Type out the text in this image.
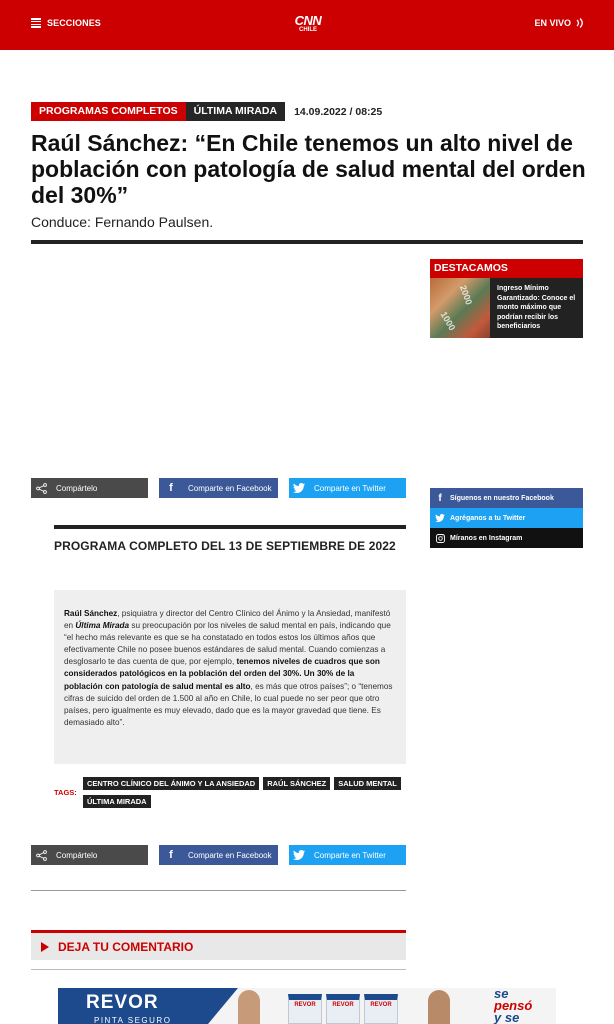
SECCIONES	CNN
CHILE
EN VIVO
PROGRAMAS COMPLETOS	ÚLTIMA MIRADA	14.09.2022 / 08:25
Raúl Sánchez: “En Chile tenemos un alto nivel de población con patología de salud mental del orden del 30%”
Conduce: Fernando Paulsen.
DESTACAMOS
2000
1000
Ingreso Mínimo Garantizado: Conoce el monto máximo que podrían recibir los beneficiarios
Compártelo	f	Comparte en Facebook	Comparte en Twitter
f	Síguenos en nuestro Facebook
Agréganos a tu Twitter
Míranos en Instagram
PROGRAMA COMPLETO DEL 13 DE SEPTIEMBRE DE 2022
Raúl Sánchez, psiquiatra y director del Centro Clínico del Ánimo y la Ansiedad, manifestó en Última Mirada su preocupación por los niveles de salud mental en país, indicando que “el hecho más relevante es que se ha constatado en todos estos los últimos años que efectivamente Chile no posee buenos estándares de salud mental. Cuando comienzas a desglosarlo te das cuenta de que, por ejemplo, tenemos niveles de cuadros que son considerados patológicos en la población del orden del 30%. Un 30% de la población con patología de salud mental es alto, es más que otros países”; o “tenemos cifras de suicido del orden de 1.500 al año en Chile, lo cual puede no ser peor que otro países, pero igualmente es muy elevado, dado que es la mayor gravedad que tiene. Es demasiado alto”.
TAGS:
CENTRO CLÍNICO DEL ÁNIMO Y LA ANSIEDAD	RAÚL SÁNCHEZ	SALUD MENTAL
ÚLTIMA MIRADA
Compártelo	f	Comparte en Facebook	Comparte en Twitter
DEJA TU COMENTARIO
REVOR
PINTA SEGURO
REVOR	REVOR	REVOR
se
pensó
y se
